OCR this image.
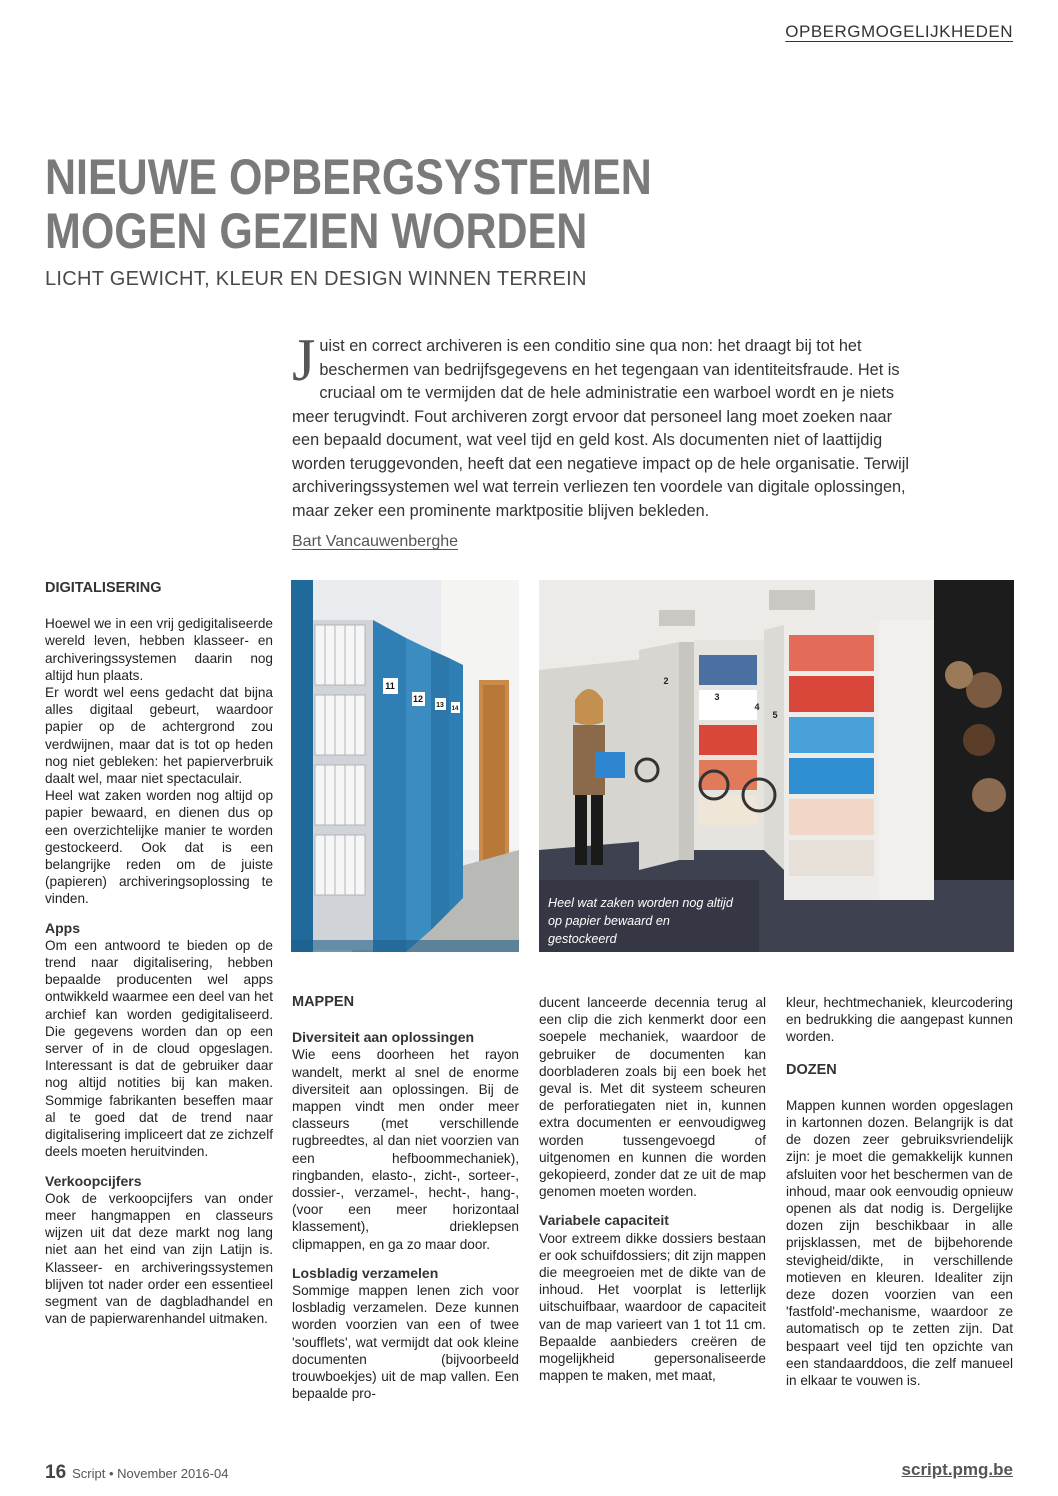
OPBERGMOGELIJKHEDEN
NIEUWE OPBERGSYSTEMEN
MOGEN GEZIEN WORDEN
LICHT GEWICHT, KLEUR EN DESIGN WINNEN TERREIN
Juist en correct archiveren is een conditio sine qua non: het draagt bij tot het beschermen van bedrijfsgegevens en het tegengaan van identiteitsfraude. Het is cruciaal om te vermijden dat de hele administratie een warboel wordt en je niets meer terugvindt. Fout archiveren zorgt ervoor dat personeel lang moet zoeken naar een bepaald document, wat veel tijd en geld kost. Als documenten niet of laattijdig worden teruggevonden, heeft dat een negatieve impact op de hele organisatie. Terwijl archiveringssystemen wel wat terrein verliezen ten voordele van digitale oplossingen, maar zeker een prominente marktpositie blijven bekleden.
Bart Vancauwenberghe

DIGITALISERING

Hoewel we in een vrij gedigitaliseerde wereld leven, hebben klasseer- en archiveringssystemen daarin nog altijd hun plaats.

Er wordt wel eens gedacht dat bijna alles digitaal gebeurt, waardoor papier op de achtergrond zou verdwijnen, maar dat is tot op heden nog niet gebleken: het papierverbruik daalt wel, maar niet spectaculair.

Heel wat zaken worden nog altijd op papier bewaard, en dienen dus op een overzichtelijke manier te worden gestockeerd. Ook dat is een belangrijke reden om de juiste (papieren) archiveringsoplossing te vinden.

Apps

Om een antwoord te bieden op de trend naar digitalisering, hebben bepaalde producenten wel apps ontwikkeld waarmee een deel van het archief kan worden gedigitaliseerd. Die gegevens worden dan op een server of in de cloud opgeslagen. Interessant is dat de gebruiker daar nog altijd notities bij kan maken. Sommige fabrikanten beseffen maar al te goed dat de trend naar digitalisering impliceert dat ze zichzelf deels moeten heruitvinden.

Verkoopcijfers

Ook de verkoopcijfers van onder meer hangmappen en classeurs wijzen uit dat deze markt nog lang niet aan het eind van zijn Latijn is. Klasseer- en archiveringssystemen blijven tot nader order een essentieel segment van de dagbladhandel en van de papierwarenhandel uitmaken.

11
12
13 14
2
3
4
5
Heel wat zaken worden nog altijd op papier bewaard en gestockeerd

MAPPEN

Diversiteit aan oplossingen

Wie eens doorheen het rayon wandelt, merkt al snel de enorme diversiteit aan oplossingen. Bij de mappen vindt men onder meer classeurs (met verschillende rugbreedtes, al dan niet voorzien van een hefboommechaniek), ringbanden, elasto-, zicht-, sorteer-, dossier-, verzamel-, hecht-, hang-, (voor een meer horizontaal klassement), drieklepsen clipmappen, en ga zo maar door.

Losbladig verzamelen

Sommige mappen lenen zich voor losbladig verzamelen. Deze kunnen worden voorzien van een of twee 'soufflets', wat vermijdt dat ook kleine documenten (bijvoorbeeld trouwboekjes) uit de map vallen. Een bepaalde pro-

ducent lanceerde decennia terug al een clip die zich kenmerkt door een soepele mechaniek, waardoor de gebruiker de documenten kan doorbladeren zoals bij een boek het geval is. Met dit systeem scheuren de perforatiegaten niet in, kunnen extra documenten er eenvoudigweg worden tussengevoegd of uitgenomen en kunnen die worden gekopieerd, zonder dat ze uit de map genomen moeten worden.

Variabele capaciteit

Voor extreem dikke dossiers bestaan er ook schuifdossiers; dit zijn mappen die meegroeien met de dikte van de inhoud. Het voorplat is letterlijk uitschuifbaar, waardoor de capaciteit van de map varieert van 1 tot 11 cm. Bepaalde aanbieders creëren de mogelijkheid gepersonaliseerde mappen te maken, met maat,

kleur, hechtmechaniek, kleurcodering en bedrukking die aangepast kunnen worden.

DOZEN

Mappen kunnen worden opgeslagen in kartonnen dozen. Belangrijk is dat de dozen zeer gebruiksvriendelijk zijn: je moet die gemakkelijk kunnen afsluiten voor het beschermen van de inhoud, maar ook eenvoudig opnieuw openen als dat nodig is. Dergelijke dozen zijn beschikbaar in alle prijsklassen, met de bijbehorende stevigheid/dikte, in verschillende motieven en kleuren. Idealiter zijn deze dozen voorzien van een 'fastfold'-mechanisme, waardoor ze automatisch op te zetten zijn. Dat bespaart veel tijd ten opzichte van een standaarddoos, die zelf manueel in elkaar te vouwen is.

16 Script • November 2016-04	script.pmg.be
